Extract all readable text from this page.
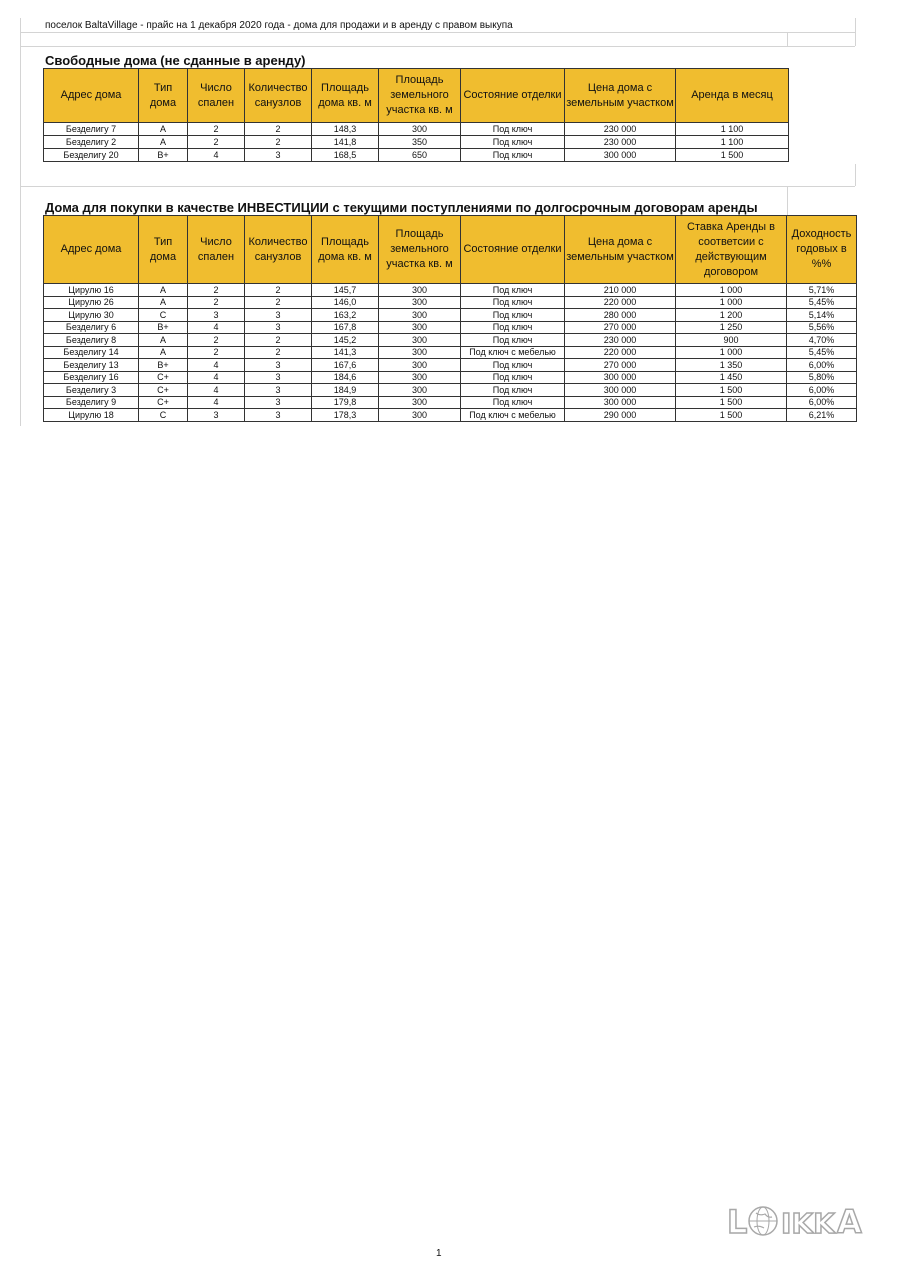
поселок BaltaVillage - прайс на 1 декабря 2020 года - дома для продажи и в аренду с правом выкупа
Свободные дома (не сданные в аренду)
Адрес дома	Тип дома	Число спален	Количество санузлов	Площадь дома кв. м	Площадь земельного участка кв. м	Состояние отделки	Цена дома с земельным участком	Аренда в месяц
Безделигу 7	A	2	2	148,3	300	Под ключ	230 000	1 100
Безделигу 2	A	2	2	141,8	350	Под ключ	230 000	1 100
Безделигу 20	B+	4	3	168,5	650	Под ключ	300 000	1 500
Дома для покупки в качестве ИНВЕСТИЦИИ с текущими поступлениями по долгосрочным договорам аренды
Адрес дома	Тип дома	Число спален	Количество санузлов	Площадь дома кв. м	Площадь земельного участка кв. м	Состояние отделки	Цена дома с земельным участком	Ставка Аренды в соответсии с действующим договором	Доходность годовых в %%
Цирулю 16	A	2	2	145,7	300	Под ключ	210 000	1 000	5,71%
Цирулю 26	A	2	2	146,0	300	Под ключ	220 000	1 000	5,45%
Цирулю 30	C	3	3	163,2	300	Под ключ	280 000	1 200	5,14%
Безделигу 6	B+	4	3	167,8	300	Под ключ	270 000	1 250	5,56%
Безделигу 8	A	2	2	145,2	300	Под ключ	230 000	900	4,70%
Безделигу 14	A	2	2	141,3	300	Под ключ с мебелью	220 000	1 000	5,45%
Безделигу 13	B+	4	3	167,6	300	Под ключ	270 000	1 350	6,00%
Безделигу 16	C+	4	3	184,6	300	Под ключ	300 000	1 450	5,80%
Безделигу 3	C+	4	3	184,9	300	Под ключ	300 000	1 500	6,00%
Безделигу 9	C+	4	3	179,8	300	Под ключ	300 000	1 500	6,00%
Цирулю 18	C	3	3	178,3	300	Под ключ с мебелью	290 000	1 500	6,21%
L IKK A
1
